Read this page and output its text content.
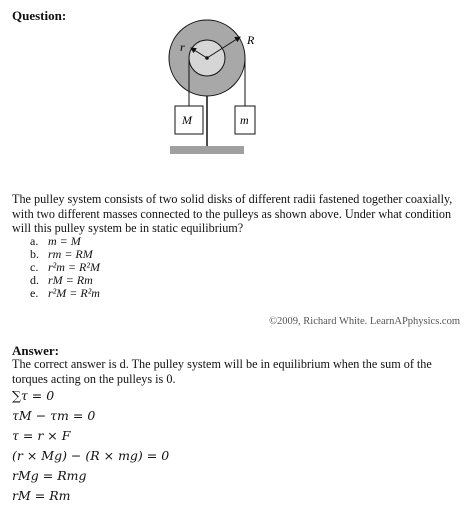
Question:
r	R
M	m
The pulley system consists of two solid disks of different radii fastened together coaxially,
with two different masses connected to the pulleys as shown above. Under what condition
will this pulley system be in static equilibrium?
a. m = M
b. rm = RM
c. r²m = R²M
d. rM = Rm
e. r²M = R²m
©2009, Richard White. LearnAPphysics.com
Answer:
The correct answer is d. The pulley system will be in equilibrium when the sum of the
torques acting on the pulleys is 0.
∑τ = 0
τM − τm = 0
τ = r × F
(r × Mg) − (R × mg) = 0
rMg = Rmg
rM = Rm
